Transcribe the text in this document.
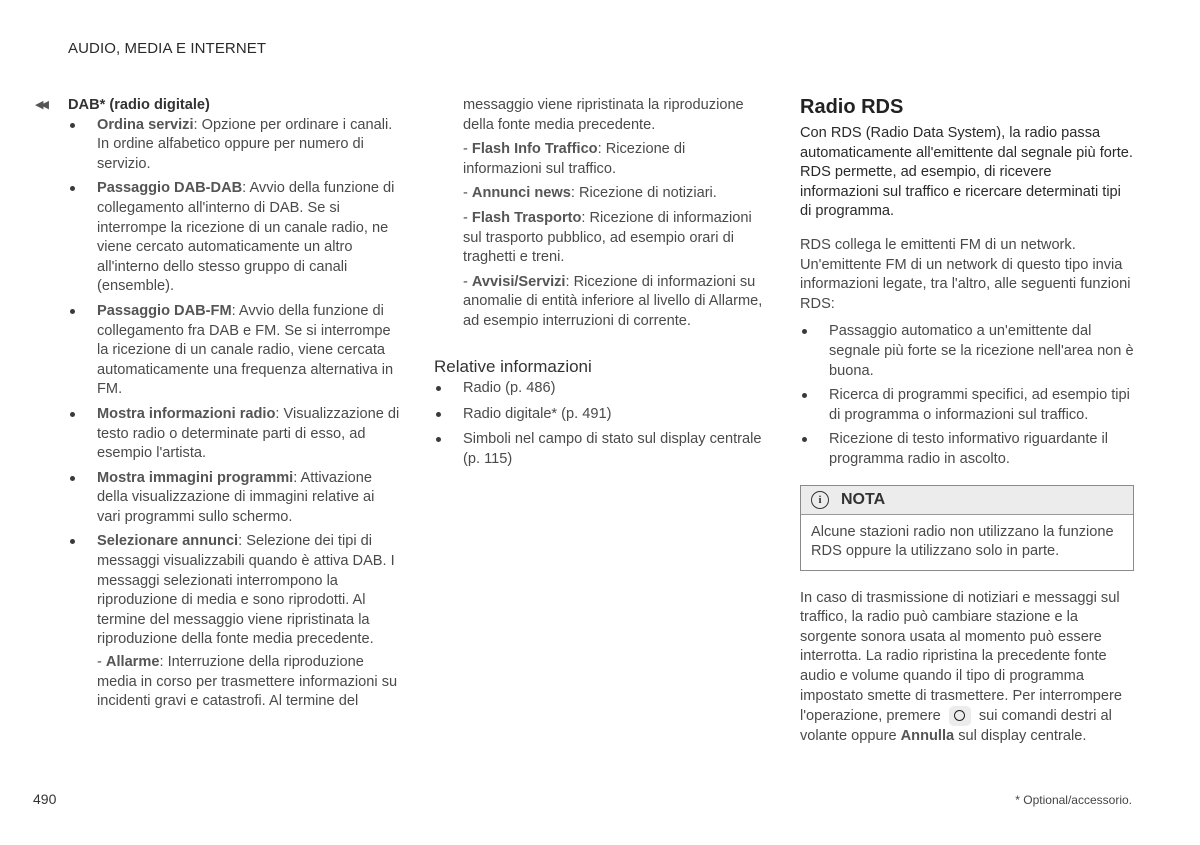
AUDIO, MEDIA E INTERNET
◀◀ DAB* (radio digitale)
Ordina servizi: Opzione per ordinare i canali. In ordine alfabetico oppure per numero di servizio.
Passaggio DAB-DAB: Avvio della funzione di collegamento all'interno di DAB. Se si interrompe la ricezione di un canale radio, ne viene cercato automaticamente un altro all'interno dello stesso gruppo di canali (ensemble).
Passaggio DAB-FM: Avvio della funzione di collegamento fra DAB e FM. Se si interrompe la ricezione di un canale radio, viene cercata automaticamente una frequenza alternativa in FM.
Mostra informazioni radio: Visualizzazione di testo radio o determinate parti di esso, ad esempio l'artista.
Mostra immagini programmi: Attivazione della visualizzazione di immagini relative ai vari programmi sullo schermo.
Selezionare annunci: Selezione dei tipi di messaggi visualizzabili quando è attiva DAB. I messaggi selezionati interrompono la riproduzione di media e sono riprodotti. Al termine del messaggio viene ripristinata la riproduzione della fonte media precedente.
- Allarme: Interruzione della riproduzione media in corso per trasmettere informazioni su incidenti gravi e catastrofi. Al termine del

messaggio viene ripristinata la riproduzione della fonte media precedente.

- Flash Info Traffico: Ricezione di informazioni sul traffico.

- Annunci news: Ricezione di notiziari.

- Flash Trasporto: Ricezione di informazioni sul trasporto pubblico, ad esempio orari di traghetti e treni.

- Avvisi/Servizi: Ricezione di informazioni su anomalie di entità inferiore al livello di Allarme, ad esempio interruzioni di corrente.

Relative informazioni
Radio (p. 486)
Radio digitale* (p. 491)
Simboli nel campo di stato sul display centrale (p. 115)
Radio RDS

Con RDS (Radio Data System), la radio passa automaticamente all'emittente dal segnale più forte. RDS permette, ad esempio, di ricevere informazioni sul traffico e ricercare determinati tipi di programma.

RDS collega le emittenti FM di un network. Un'emittente FM di un network di questo tipo invia informazioni legate, tra l'altro, alle seguenti funzioni RDS:

Passaggio automatico a un'emittente dal segnale più forte se la ricezione nell'area non è buona.
Ricerca di programmi specifici, ad esempio tipi di programma o informazioni sul traffico.
Ricezione di testo informativo riguardante il programma radio in ascolto.
i	NOTA
Alcune stazioni radio non utilizzano la funzione RDS oppure la utilizzano solo in parte.

In caso di trasmissione di notiziari e messaggi sul traffico, la radio può cambiare stazione e la sorgente sonora usata al momento può essere interrotta. La radio ripristina la precedente fonte audio e volume quando il tipo di programma impostato smette di trasmettere. Per interrompere l'operazione, premere	sui comandi destri al volante oppure Annulla sul display centrale.

490	* Optional/accessorio.
